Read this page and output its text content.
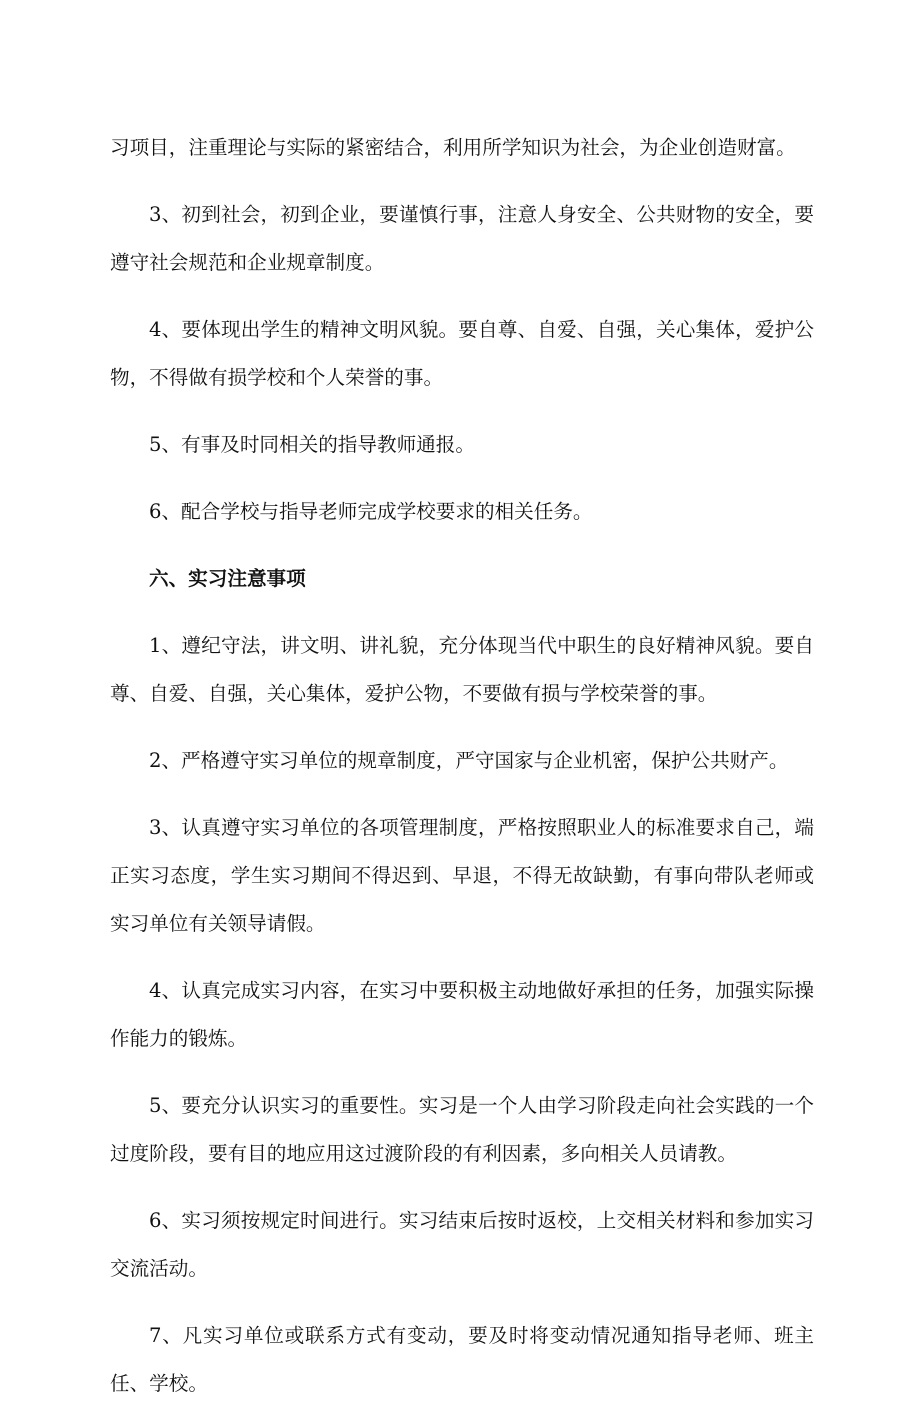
习项目，注重理论与实际的紧密结合，利用所学知识为社会，为企业创造财富。

3、初到社会，初到企业，要谨慎行事，注意人身安全、公共财物的安全，要遵守社会规范和企业规章制度。

4、要体现出学生的精神文明风貌。要自尊、自爱、自强，关心集体，爱护公物，不得做有损学校和个人荣誉的事。

5、有事及时同相关的指导教师通报。

6、配合学校与指导老师完成学校要求的相关任务。

六、实习注意事项

1、遵纪守法，讲文明、讲礼貌，充分体现当代中职生的良好精神风貌。要自尊、自爱、自强，关心集体，爱护公物，不要做有损与学校荣誉的事。

2、严格遵守实习单位的规章制度，严守国家与企业机密，保护公共财产。

3、认真遵守实习单位的各项管理制度，严格按照职业人的标准要求自己，端正实习态度，学生实习期间不得迟到、早退，不得无故缺勤，有事向带队老师或实习单位有关领导请假。

4、认真完成实习内容，在实习中要积极主动地做好承担的任务，加强实际操作能力的锻炼。

5、要充分认识实习的重要性。实习是一个人由学习阶段走向社会实践的一个过度阶段，要有目的地应用这过渡阶段的有利因素，多向相关人员请教。

6、实习须按规定时间进行。实习结束后按时返校，上交相关材料和参加实习交流活动。

7、凡实习单位或联系方式有变动，要及时将变动情况通知指导老师、班主任、学校。
